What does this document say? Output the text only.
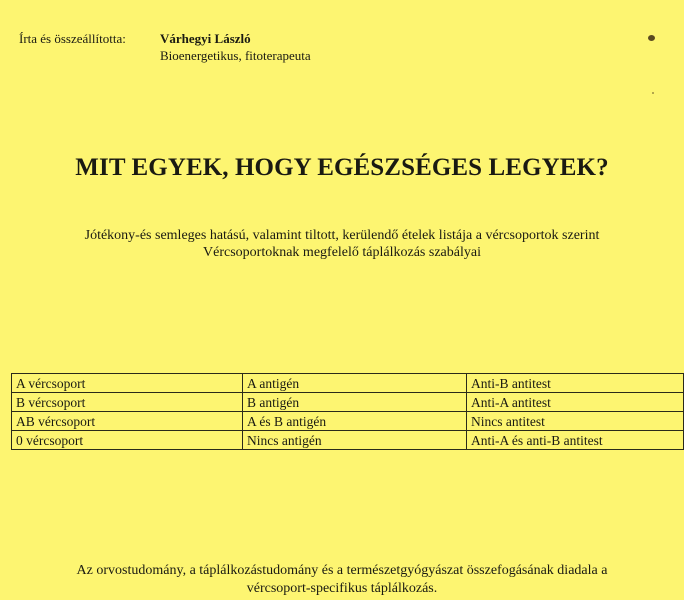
Írta és összeállította:	Várhegyi László
Bioenergetikus, fitoterapeuta
MIT EGYEK, HOGY EGÉSZSÉGES LEGYEK?
Jótékony-és semleges hatású, valamint tiltott, kerülendő ételek listája a vércsoportok szerint
Vércsoportoknak megfelelő táplálkozás szabályai
A vércsoport	A antigén	Anti-B antitest
B vércsoport	B antigén	Anti-A antitest
AB vércsoport	A és B antigén	Nincs antitest
0 vércsoport	Nincs antigén	Anti-A és anti-B antitest
Az orvostudomány, a táplálkozástudomány és a természetgyógyászat összefogásának diadala a
vércsoport-specifikus táplálkozás.
